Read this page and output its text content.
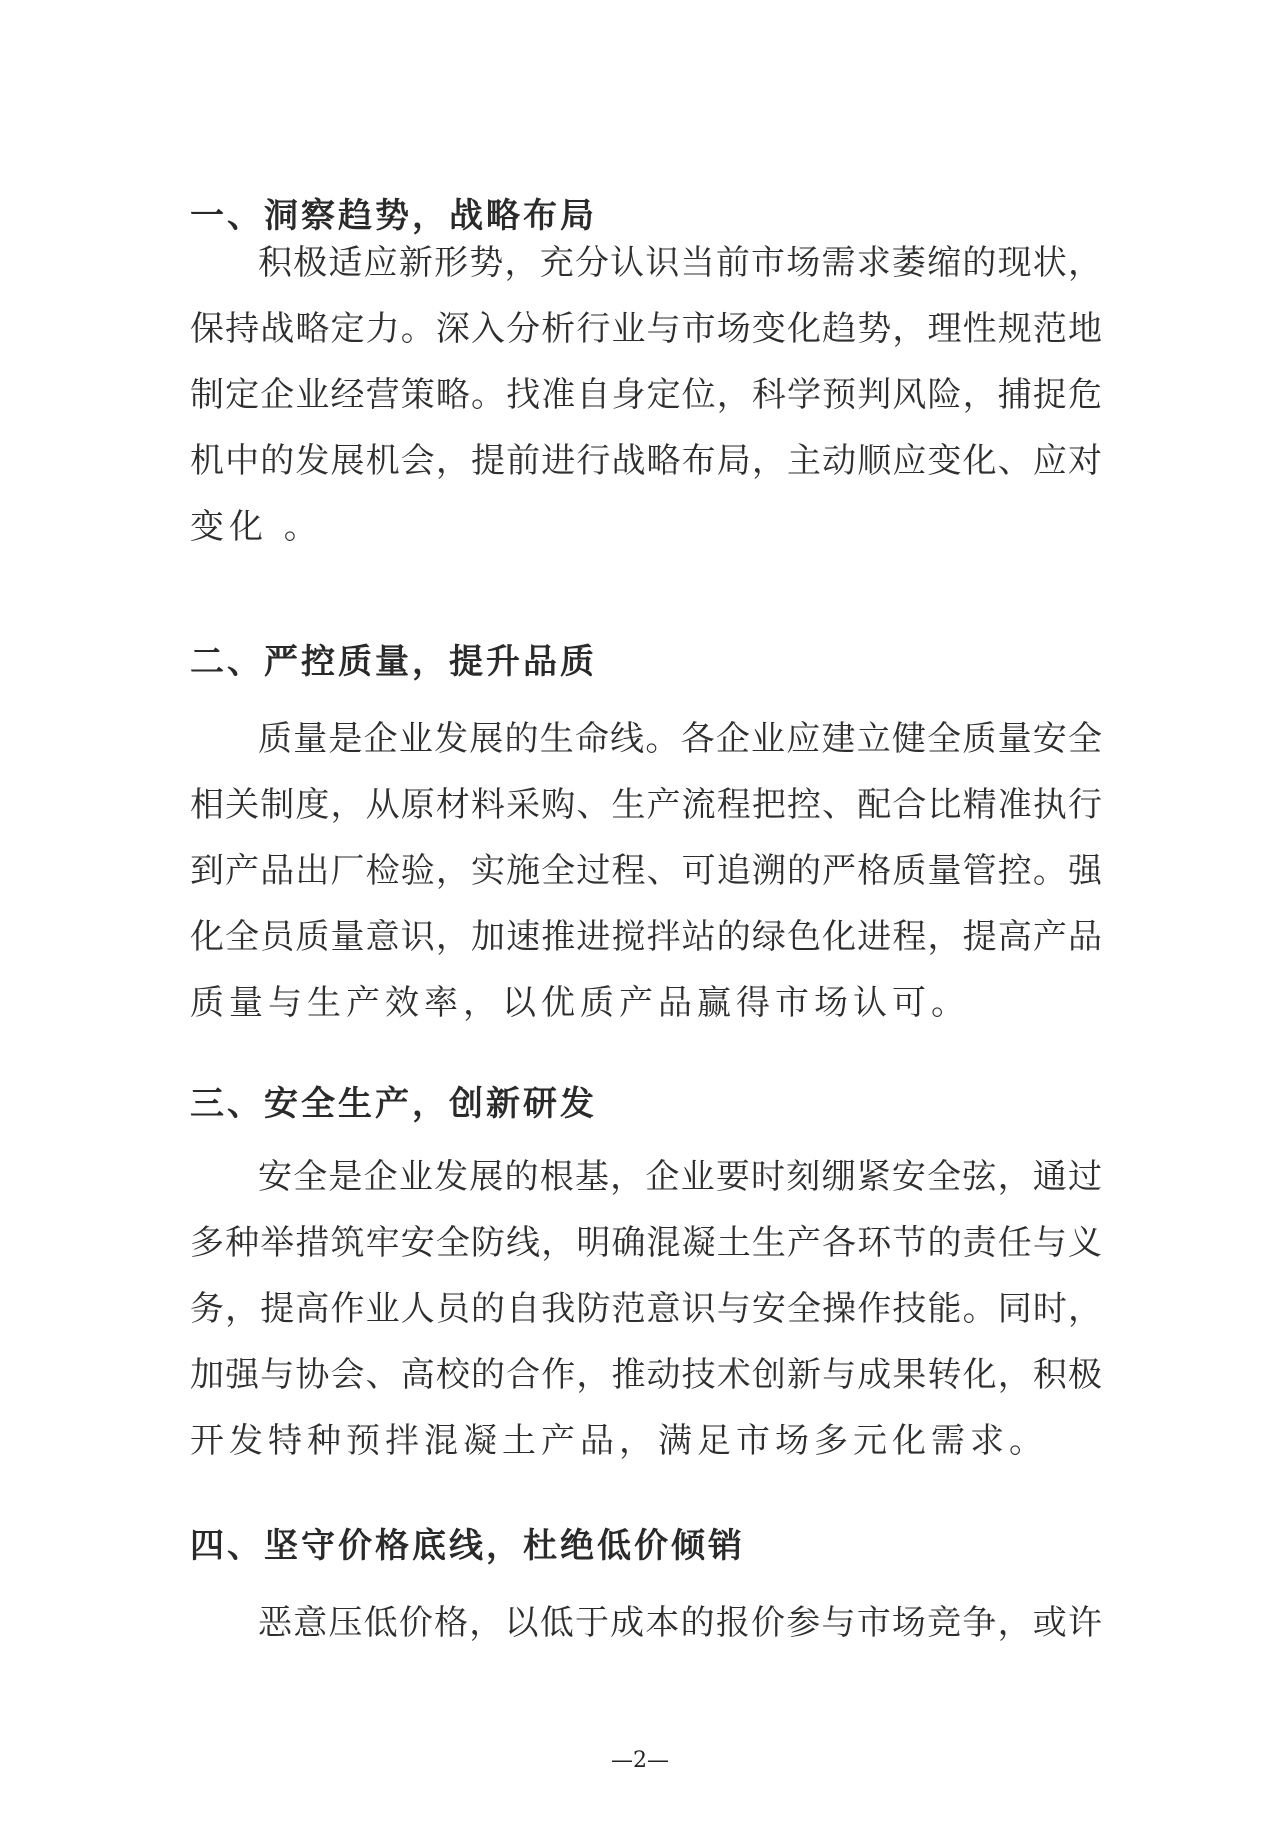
一、洞察趋势，战略布局
积极适应新形势，充分认识当前市场需求萎缩的现状，
保持战略定力。深入分析行业与市场变化趋势，理性规范地
制定企业经营策略。找准自身定位，科学预判风险，捕捉危
机中的发展机会，提前进行战略布局，主动顺应变化、应对
变化 。
二、严控质量，提升品质
质量是企业发展的生命线。各企业应建立健全质量安全
相关制度，从原材料采购、生产流程把控、配合比精准执行
到产品出厂检验，实施全过程、可追溯的严格质量管控。强
化全员质量意识，加速推进搅拌站的绿色化进程，提高产品
质量与生产效率，以优质产品赢得市场认可。
三、安全生产，创新研发
安全是企业发展的根基，企业要时刻绷紧安全弦，通过
多种举措筑牢安全防线，明确混凝土生产各环节的责任与义
务，提高作业人员的自我防范意识与安全操作技能。同时，
加强与协会、高校的合作，推动技术创新与成果转化，积极
开发特种预拌混凝土产品，满足市场多元化需求。
四、坚守价格底线，杜绝低价倾销
恶意压低价格，以低于成本的报价参与市场竞争，或许
—2—
